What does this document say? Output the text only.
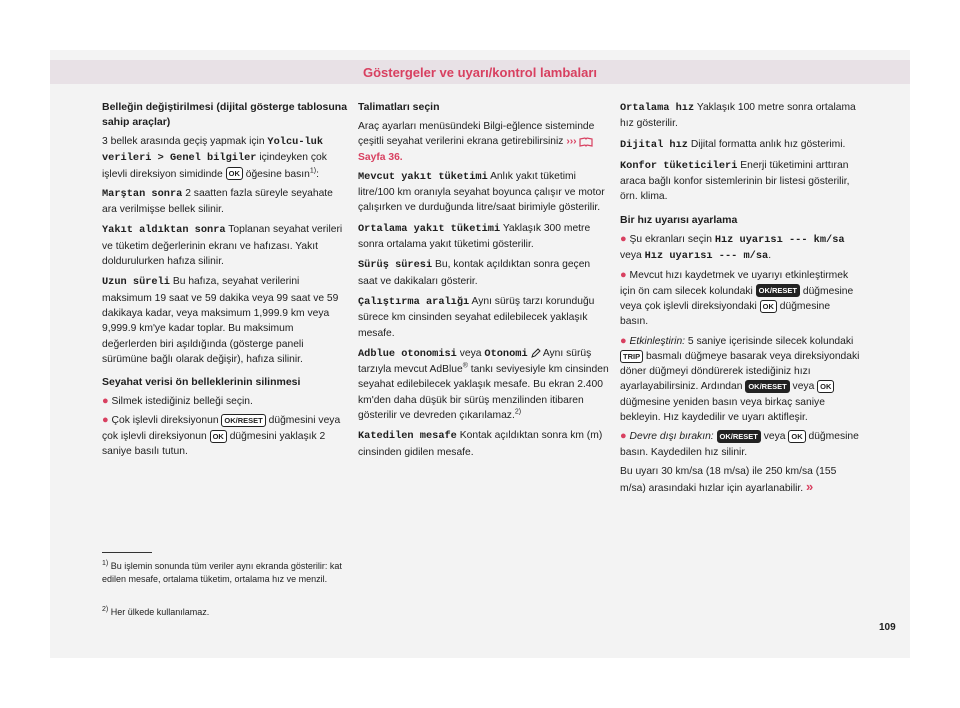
Göstergeler ve uyarı/kontrol lambaları
Belleğin değiştirilmesi (dijital gösterge tablosuna sahip araçlar)

3 bellek arasında geçiş yapmak için Yolcu-luk verileri > Genel bilgiler içindeyken çok işlevli direksiyon simidinde OK öğesine basın$^{1)}$:

Marştan sonra 2 saatten fazla süreyle seyahate ara verilmişse bellek silinir.
Yakıt aldıktan sonra Toplanan seyahat verileri ve tüketim değerlerinin ekranı ve hafızası. Yakıt doldurulurken hafıza silinir.
Uzun süreli Bu hafıza, seyahat verilerini maksimum 19 saat ve 59 dakika veya 99 saat ve 59 dakikaya kadar, veya maksimum 1,999.9 km veya 9,999.9 km'ye kadar toplar. Bu maksimum değerlerden biri aşıldığında (gösterge paneli sürümüne bağlı olarak değişir), hafıza silinir.
Seyahat verisi ön belleklerinin silinmesi

● Silmek istediğiniz belleği seçin.

● Çok işlevli direksiyonun OK/RESET düğmesini veya çok işlevli direksiyonun OK düğmesini yaklaşık 2 saniye basılı tutun.

Talimatları seçin

Araç ayarları menüsündeki Bilgi-eğlence sisteminde çeşitli seyahat verilerini ekrana getirebilirsiniz ›››  Sayfa 36.

Mevcut yakıt tüketimi Anlık yakıt tüketimi litre/100 km oranıyla seyahat boyunca çalışır ve motor çalışırken ve durduğunda litre/saat birimiyle gösterilir.
Ortalama yakıt tüketimi Yaklaşık 300 metre sonra ortalama yakıt tüketimi gösterilir.
Sürüş süresi Bu, kontak açıldıktan sonra geçen saat ve dakikaları gösterir.
Çalıştırma aralığı Aynı sürüş tarzı korunduğu sürece km cinsinden seyahat edilebilecek yaklaşık mesafe.
Adblue otonomisi veya Otonomi Aynı sürüş tarzıyla mevcut AdBlue® tankı seviyesiyle km cinsinden seyahat edilebilecek yaklaşık mesafe. Bu ekran 2.400 km'den daha düşük bir sürüş menzilinden itibaren gösterilir ve devreden çıkarılamaz.$^{2)}$
Katedilen mesafe Kontak açıldıktan sonra km (m) cinsinden gidilen mesafe.
Ortalama hız Yaklaşık 100 metre sonra ortalama hız gösterilir.
Dijital hız Dijital formatta anlık hız gösterimi.
Konfor tüketicileri Enerji tüketimini arttıran araca bağlı konfor sistemlerinin bir listesi gösterilir, örn. klima.
Bir hız uyarısı ayarlama

● Şu ekranları seçin Hız uyarısı --- km/sa veya Hız uyarısı --- m/sa.

● Mevcut hızı kaydetmek ve uyarıyı etkinleştirmek için ön cam silecek kolundaki OK/RESET düğmesine veya çok işlevli direksiyondaki OK düğmesine basın.

● Etkinleştirin: 5 saniye içerisinde silecek kolundaki TRIP basmalı düğmeye basarak veya direksiyondaki döner düğmeyi döndürerek istediğiniz hızı ayarlayabilirsiniz. Ardından OK/RESET veya OK düğmesine yeniden basın veya birkaç saniye bekleyin. Hız kaydedilir ve uyarı aktifleşir.

● Devre dışı bırakın: OK/RESET veya OK düğmesine basın. Kaydedilen hız silinir.

Bu uyarı 30 km/sa (18 m/sa) ile 250 km/sa (155 m/sa) arasındaki hızlar için ayarlanabilir. »

$^{1)}$ Bu işlemin sonunda tüm veriler aynı ekranda gösterilir: kat edilen mesafe, ortalama tüketim, ortalama hız ve menzil.
$^{2)}$ Her ülkede kullanılamaz.
109
